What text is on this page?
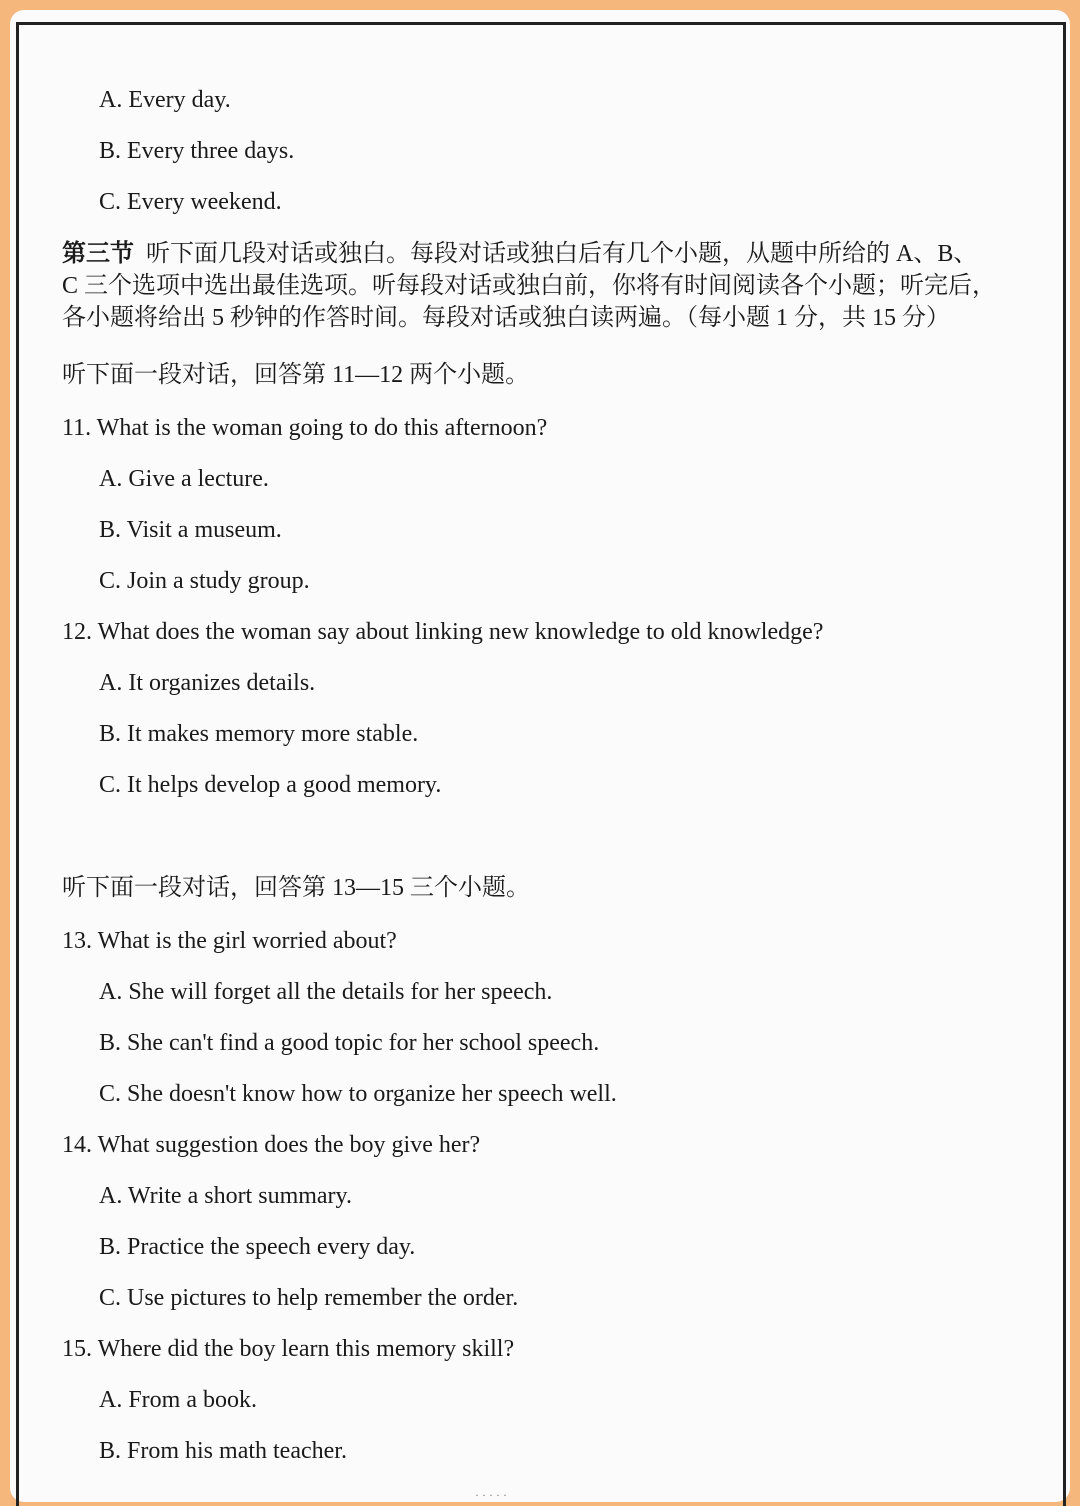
A. Every day.
B. Every three days.
C. Every weekend.
第三节 听下面几段对话或独白。每段对话或独白后有几个小题，从题中所给的 A、B、
C 三个选项中选出最佳选项。听每段对话或独白前，你将有时间阅读各个小题；听完后，
各小题将给出 5 秒钟的作答时间。每段对话或独白读两遍。（每小题 1 分，共 15 分）
听下面一段对话，回答第 11—12 两个小题。
11. What is the woman going to do this afternoon?
A. Give a lecture.
B. Visit a museum.
C. Join a study group.
12. What does the woman say about linking new knowledge to old knowledge?
A. It organizes details.
B. It makes memory more stable.
C. It helps develop a good memory.
听下面一段对话，回答第 13—15 三个小题。
13. What is the girl worried about?
A. She will forget all the details for her speech.
B. She can't find a good topic for her school speech.
C. She doesn't know how to organize her speech well.
14. What suggestion does the boy give her?
A. Write a short summary.
B. Practice the speech every day.
C. Use pictures to help remember the order.
15. Where did the boy learn this memory skill?
A. From a book.
B. From his math teacher.
· · · · ·
